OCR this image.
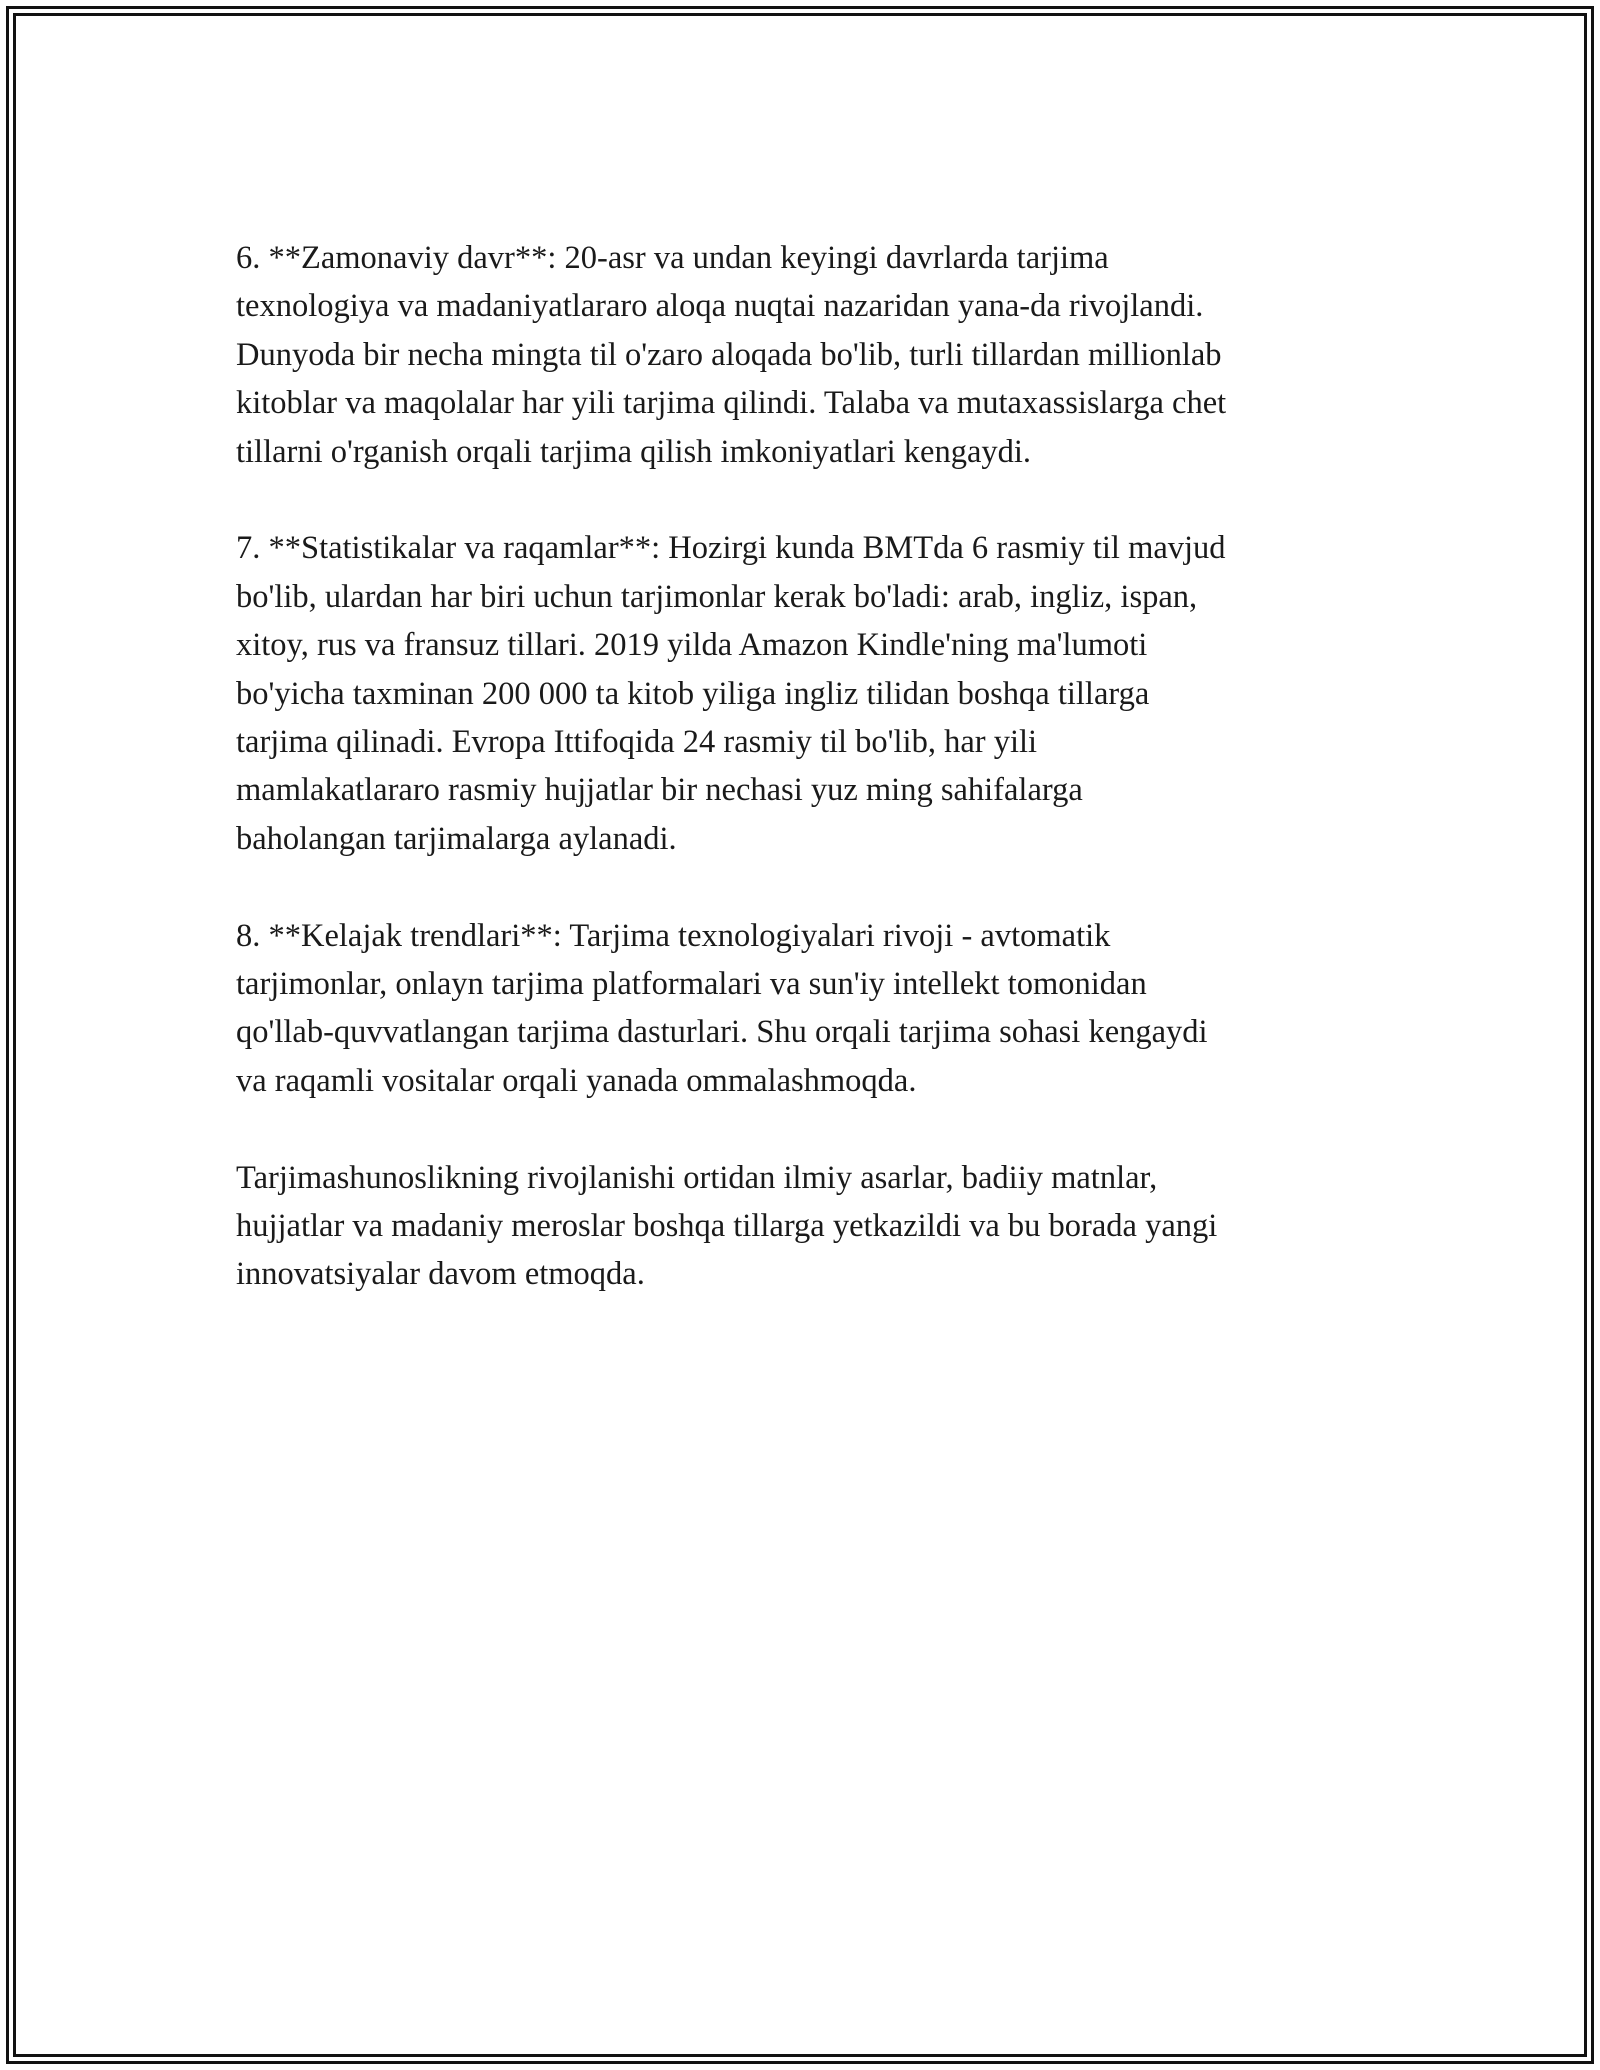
6. **Zamonaviy davr**: 20-asr va undan keyingi davrlarda tarjima
texnologiya va madaniyatlararo aloqa nuqtai nazaridan yana-da rivojlandi.
Dunyoda bir necha mingta til o'zaro aloqada bo'lib, turli tillardan millionlab
kitoblar va maqolalar har yili tarjima qilindi. Talaba va mutaxassislarga chet
tillarni o'rganish orqali tarjima qilish imkoniyatlari kengaydi.

7. **Statistikalar va raqamlar**: Hozirgi kunda BMTda 6 rasmiy til mavjud
bo'lib, ulardan har biri uchun tarjimonlar kerak bo'ladi: arab, ingliz, ispan,
xitoy, rus va fransuz tillari. 2019 yilda Amazon Kindle'ning ma'lumoti
bo'yicha taxminan 200 000 ta kitob yiliga ingliz tilidan boshqa tillarga
tarjima qilinadi. Evropa Ittifoqida 24 rasmiy til bo'lib, har yili
mamlakatlararo rasmiy hujjatlar bir nechasi yuz ming sahifalarga
baholangan tarjimalarga aylanadi.

8. **Kelajak trendlari**: Tarjima texnologiyalari rivoji - avtomatik
tarjimonlar, onlayn tarjima platformalari va sun'iy intellekt tomonidan
qo'llab-quvvatlangan tarjima dasturlari. Shu orqali tarjima sohasi kengaydi
va raqamli vositalar orqali yanada ommalashmoqda.

Tarjimashunoslikning rivojlanishi ortidan ilmiy asarlar, badiiy matnlar,
hujjatlar va madaniy meroslar boshqa tillarga yetkazildi va bu borada yangi
innovatsiyalar davom etmoqda.
